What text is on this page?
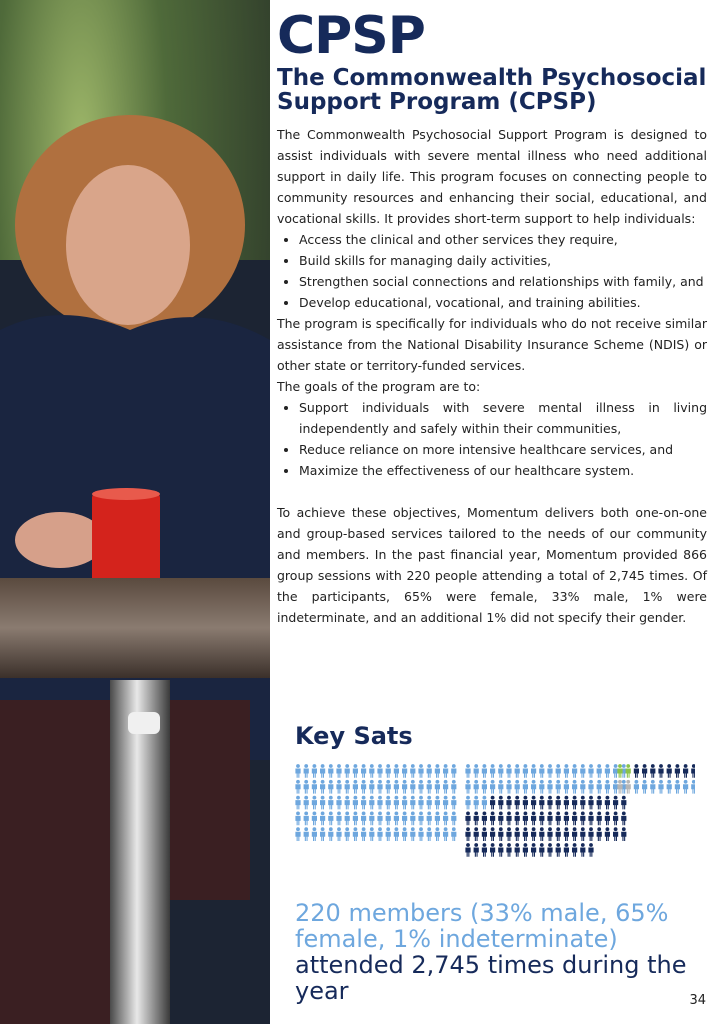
CPSP
The Commonwealth Psychosocial Support Program (CPSP)

The Commonwealth Psychosocial Support Program is designed to assist individuals with severe mental illness who need additional support in daily life. This program focuses on connecting people to community resources and enhancing their social, educational, and vocational skills. It provides short-term support to help individuals:

• Access the clinical and other services they require,
• Build skills for managing daily activities,
• Strengthen social connections and relationships with family, and
• Develop educational, vocational, and training abilities.

The program is specifically for individuals who do not receive similar assistance from the National Disability Insurance Scheme (NDIS) or other state or territory-funded services.

The goals of the program are to:

• Support individuals with severe mental illness in living independently and safely within their communities,
• Reduce reliance on more intensive healthcare services, and
• Maximize the effectiveness of our healthcare system.

To achieve these objectives, Momentum delivers both one-on-one and group-based services tailored to the needs of our community and members. In the past financial year, Momentum provided 866 group sessions with 220 people attending a total of 2,745 times. Of the participants, 65% were female, 33% male, 1% were indeterminate, and an additional 1% did not specify their gender.

Key Sats
220 members (33% male, 65% female, 1% indeterminate)
attended 2,745 times during the year	34
